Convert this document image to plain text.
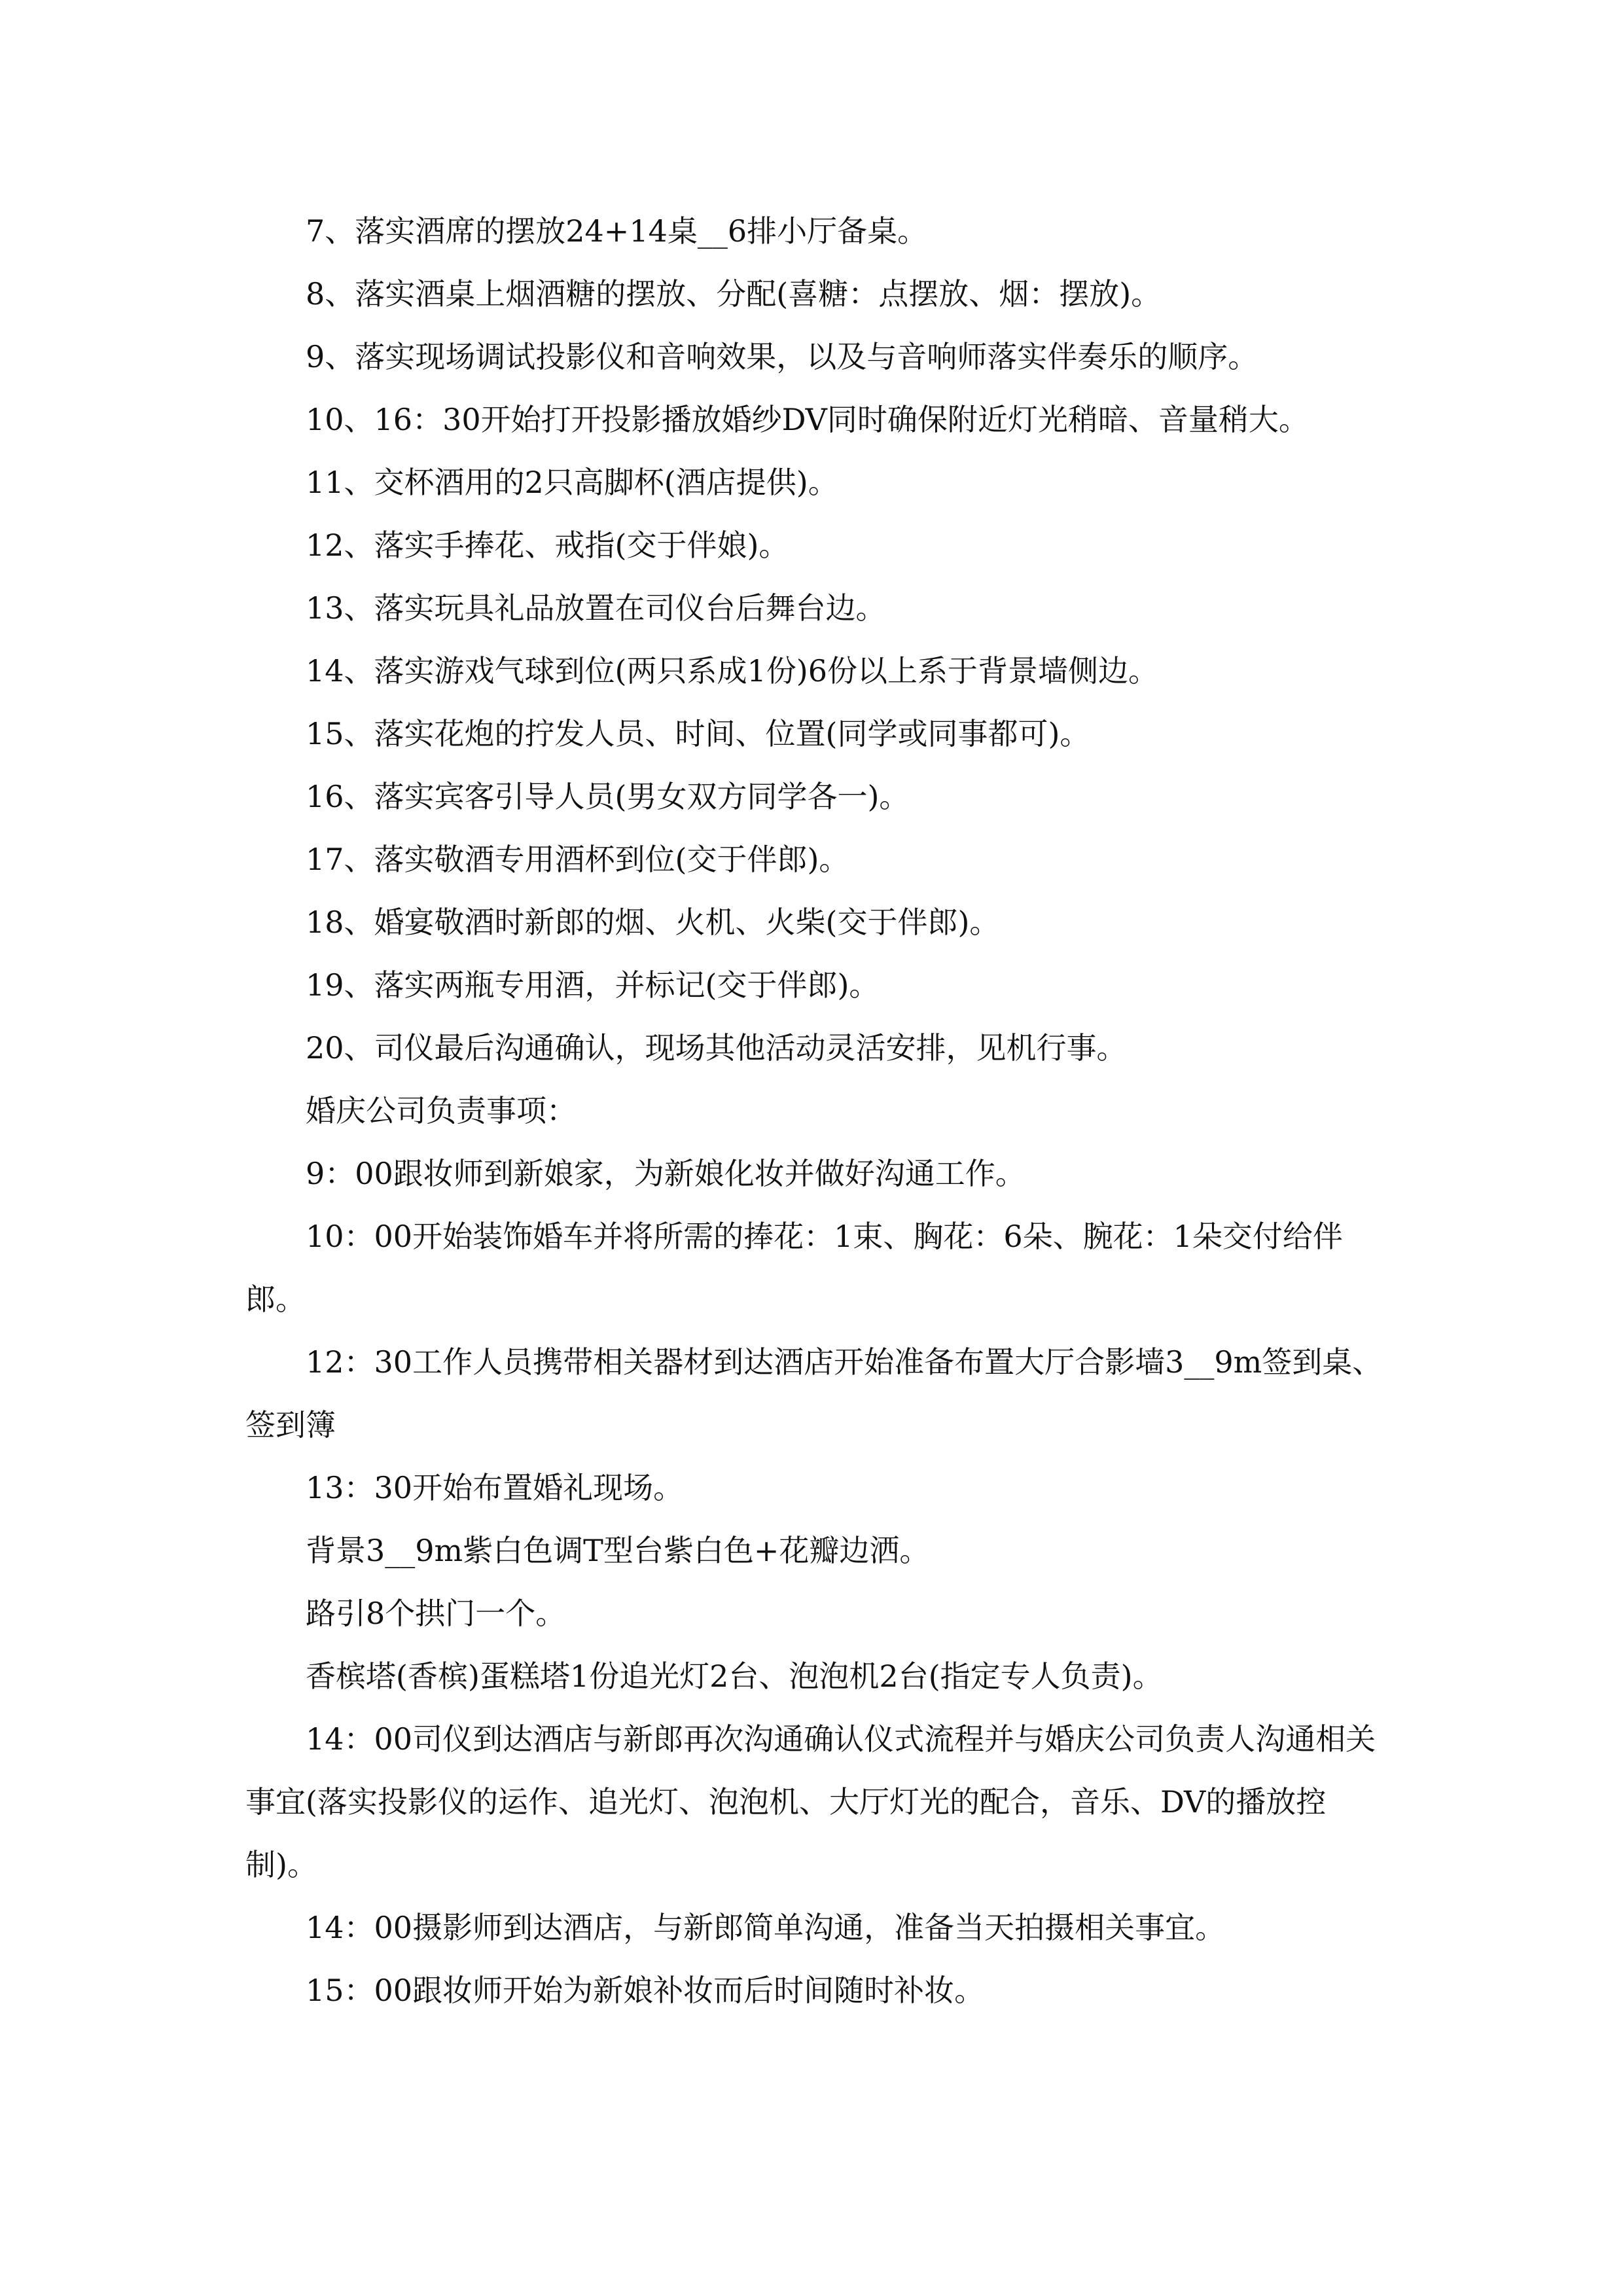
7、落实酒席的摆放24+14桌__6排小厅备桌。

8、落实酒桌上烟酒糖的摆放、分配(喜糖：点摆放、烟：摆放)。

9、落实现场调试投影仪和音响效果，以及与音响师落实伴奏乐的顺序。

10、16：30开始打开投影播放婚纱DV同时确保附近灯光稍暗、音量稍大。

11、交杯酒用的2只高脚杯(酒店提供)。

12、落实手捧花、戒指(交于伴娘)。

13、落实玩具礼品放置在司仪台后舞台边。

14、落实游戏气球到位(两只系成1份)6份以上系于背景墙侧边。

15、落实花炮的拧发人员、时间、位置(同学或同事都可)。

16、落实宾客引导人员(男女双方同学各一)。

17、落实敬酒专用酒杯到位(交于伴郎)。

18、婚宴敬酒时新郎的烟、火机、火柴(交于伴郎)。

19、落实两瓶专用酒，并标记(交于伴郎)。

20、司仪最后沟通确认，现场其他活动灵活安排，见机行事。

婚庆公司负责事项：

9：00跟妆师到新娘家，为新娘化妆并做好沟通工作。

10：00开始装饰婚车并将所需的捧花：1束、胸花：6朵、腕花：1朵交付给伴郎。

12：30工作人员携带相关器材到达酒店开始准备布置大厅合影墙3__9m签到桌、签到簿

13：30开始布置婚礼现场。

背景3__9m紫白色调T型台紫白色+花瓣边洒。

路引8个拱门一个。

香槟塔(香槟)蛋糕塔1份追光灯2台、泡泡机2台(指定专人负责)。

14：00司仪到达酒店与新郎再次沟通确认仪式流程并与婚庆公司负责人沟通相关事宜(落实投影仪的运作、追光灯、泡泡机、大厅灯光的配合，音乐、DV的播放控制)。

14：00摄影师到达酒店，与新郎简单沟通，准备当天拍摄相关事宜。

15：00跟妆师开始为新娘补妆而后时间随时补妆。
